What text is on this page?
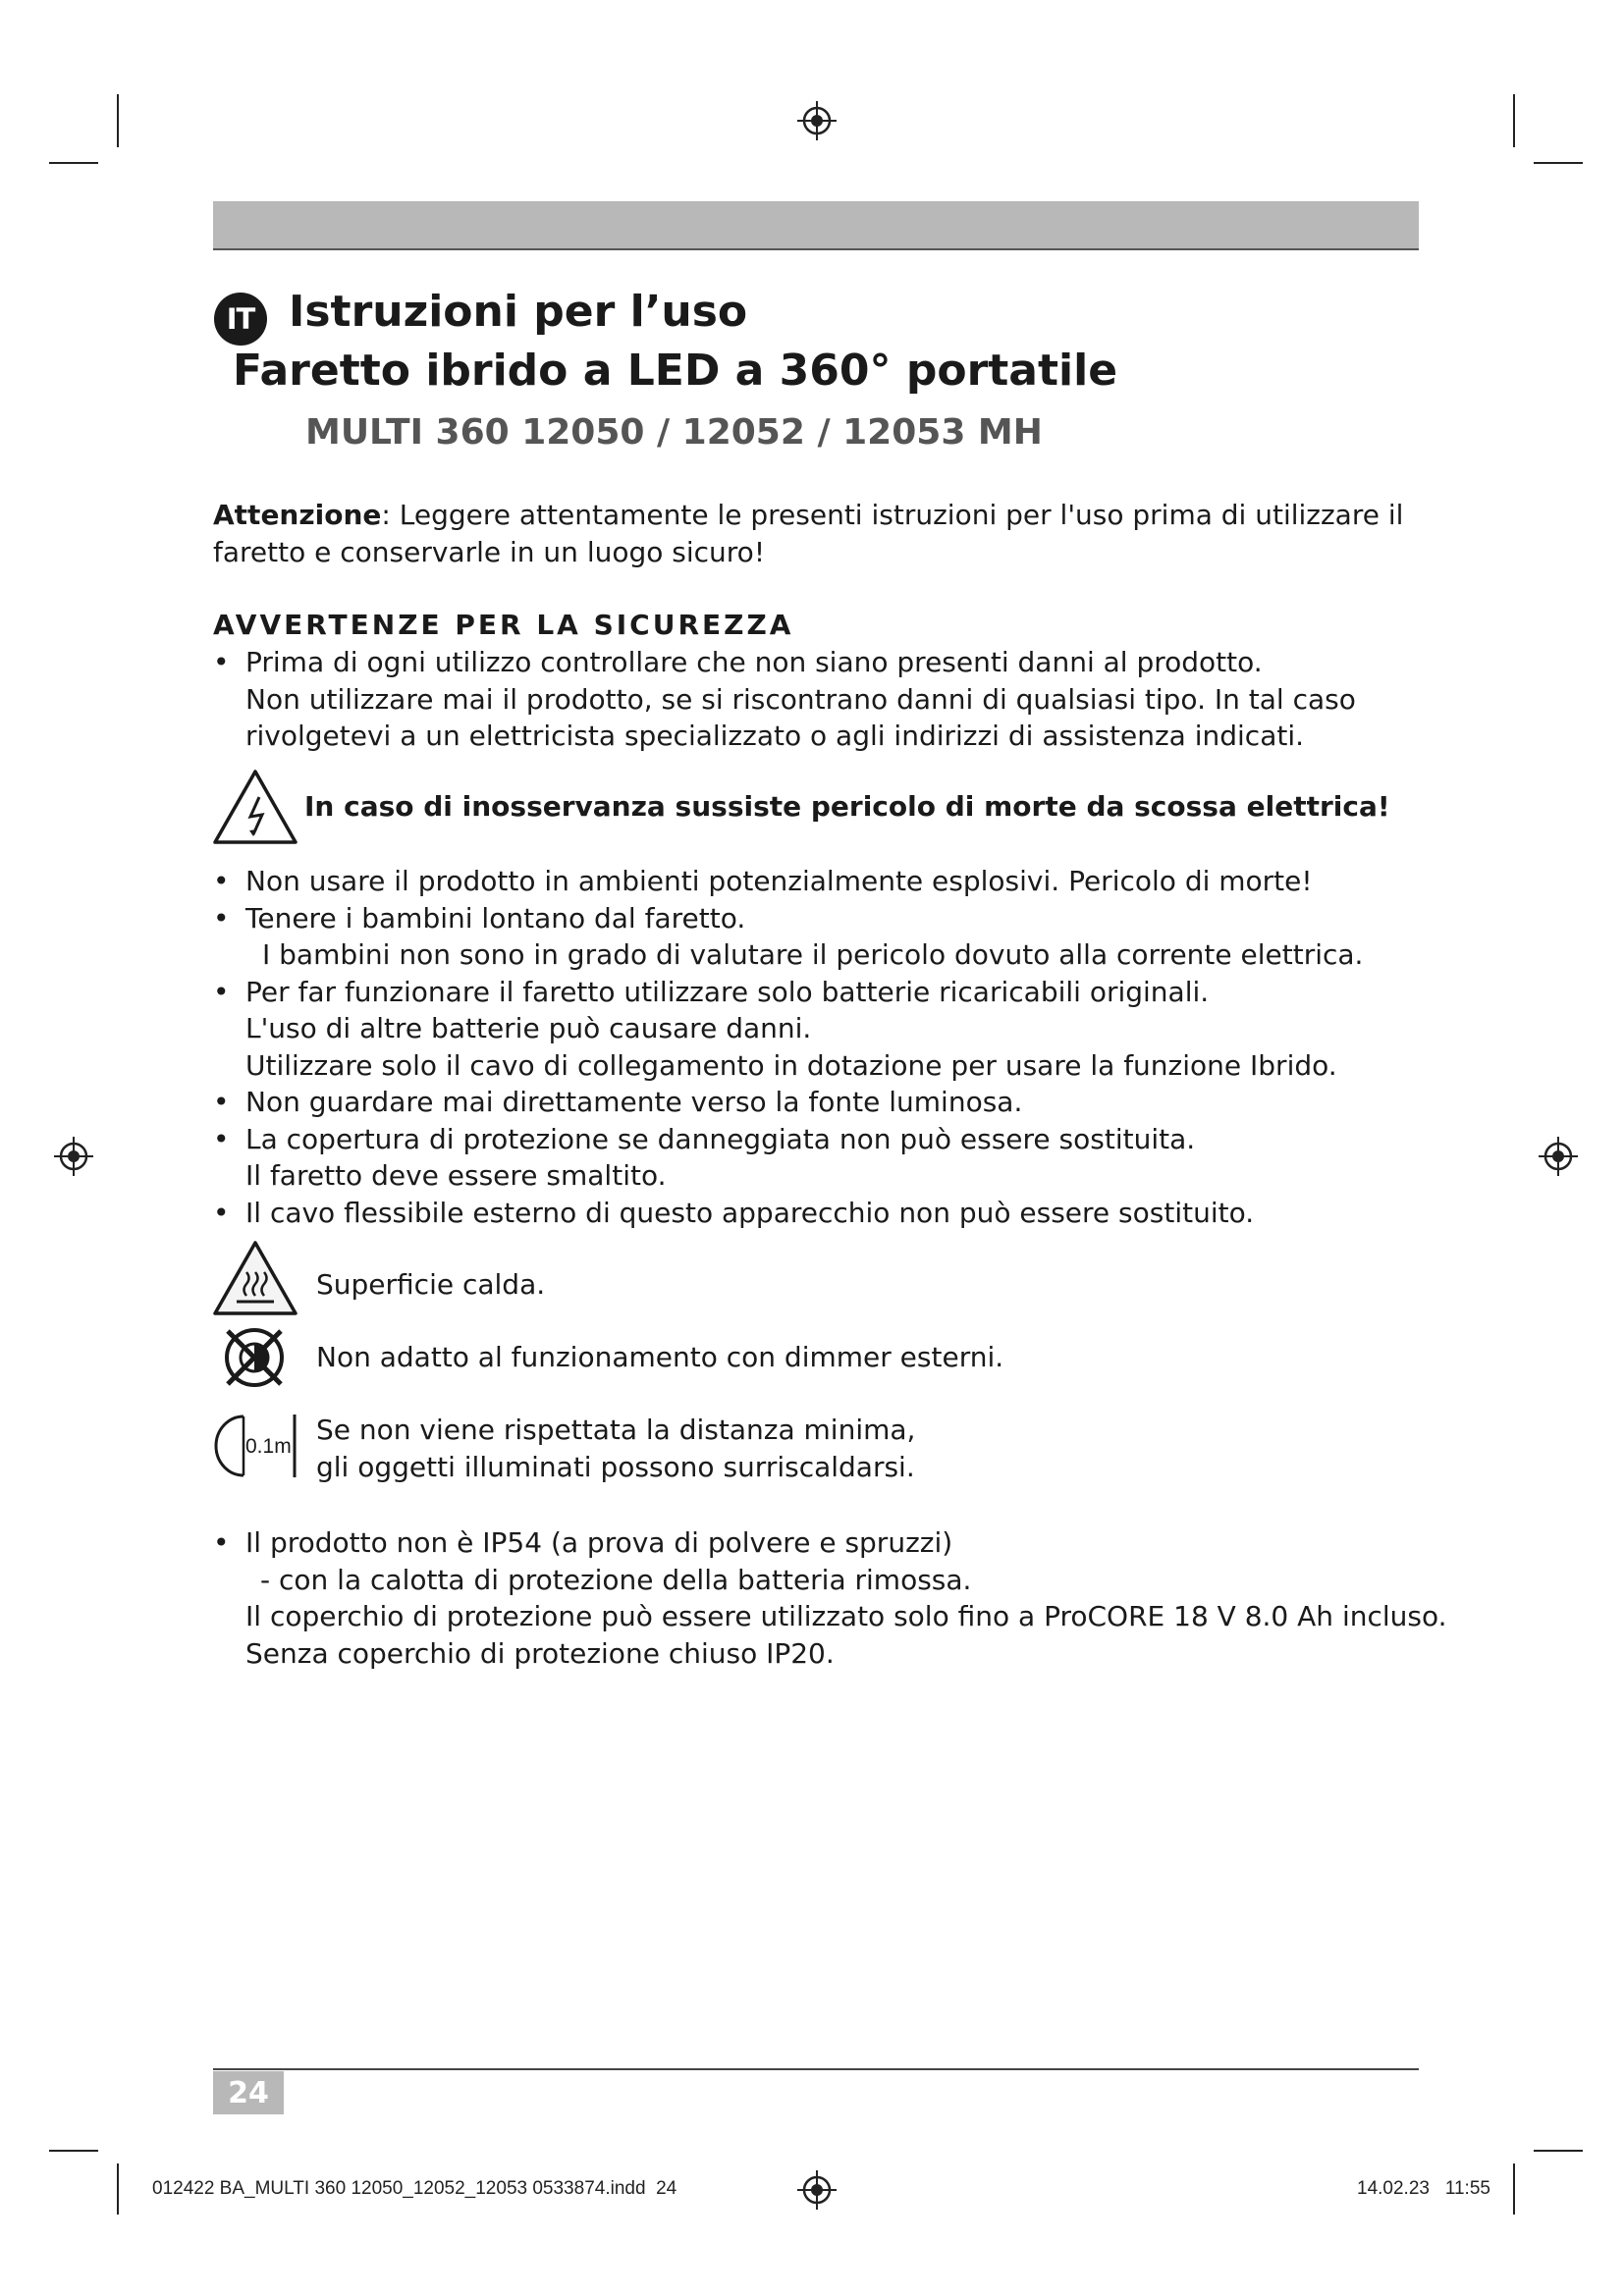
IT Istruzioni per l’uso
Faretto ibrido a LED a 360° portatile
MULTI 360 12050 / 12052 / 12053 MH
Attenzione: Leggere attentamente le presenti istruzioni per l'uso prima di utilizzare il
faretto e conservarle in un luogo sicuro!
AVVERTENZE PER LA SICUREZZA
• Prima di ogni utilizzo controllare che non siano presenti danni al prodotto.
Non utilizzare mai il prodotto, se si riscontrano danni di qualsiasi tipo. In tal caso
rivolgetevi a un elettricista specializzato o agli indirizzi di assistenza indicati.
In caso di inosservanza sussiste pericolo di morte da scossa elettrica!
• Non usare il prodotto in ambienti potenzialmente esplosivi. Pericolo di morte!
• Tenere i bambini lontano dal faretto.
I bambini non sono in grado di valutare il pericolo dovuto alla corrente elettrica.
• Per far funzionare il faretto utilizzare solo batterie ricaricabili originali.
L'uso di altre batterie può causare danni.
Utilizzare solo il cavo di collegamento in dotazione per usare la funzione Ibrido.
• Non guardare mai direttamente verso la fonte luminosa.
• La copertura di protezione se danneggiata non può essere sostituita.
Il faretto deve essere smaltito.
• Il cavo flessibile esterno di questo apparecchio non può essere sostituito.
Superficie calda.
Non adatto al funzionamento con dimmer esterni.
0.1m
Se non viene rispettata la distanza minima,
gli oggetti illuminati possono surriscaldarsi.
• Il prodotto non è IP54 (a prova di polvere e spruzzi)
- con la calotta di protezione della batteria rimossa.
Il coperchio di protezione può essere utilizzato solo fino a ProCORE 18 V 8.0 Ah incluso.
Senza coperchio di protezione chiuso IP20.
24
012422 BA_MULTI 360 12050_12052_12053 0533874.indd 24	14.02.23 11:55
